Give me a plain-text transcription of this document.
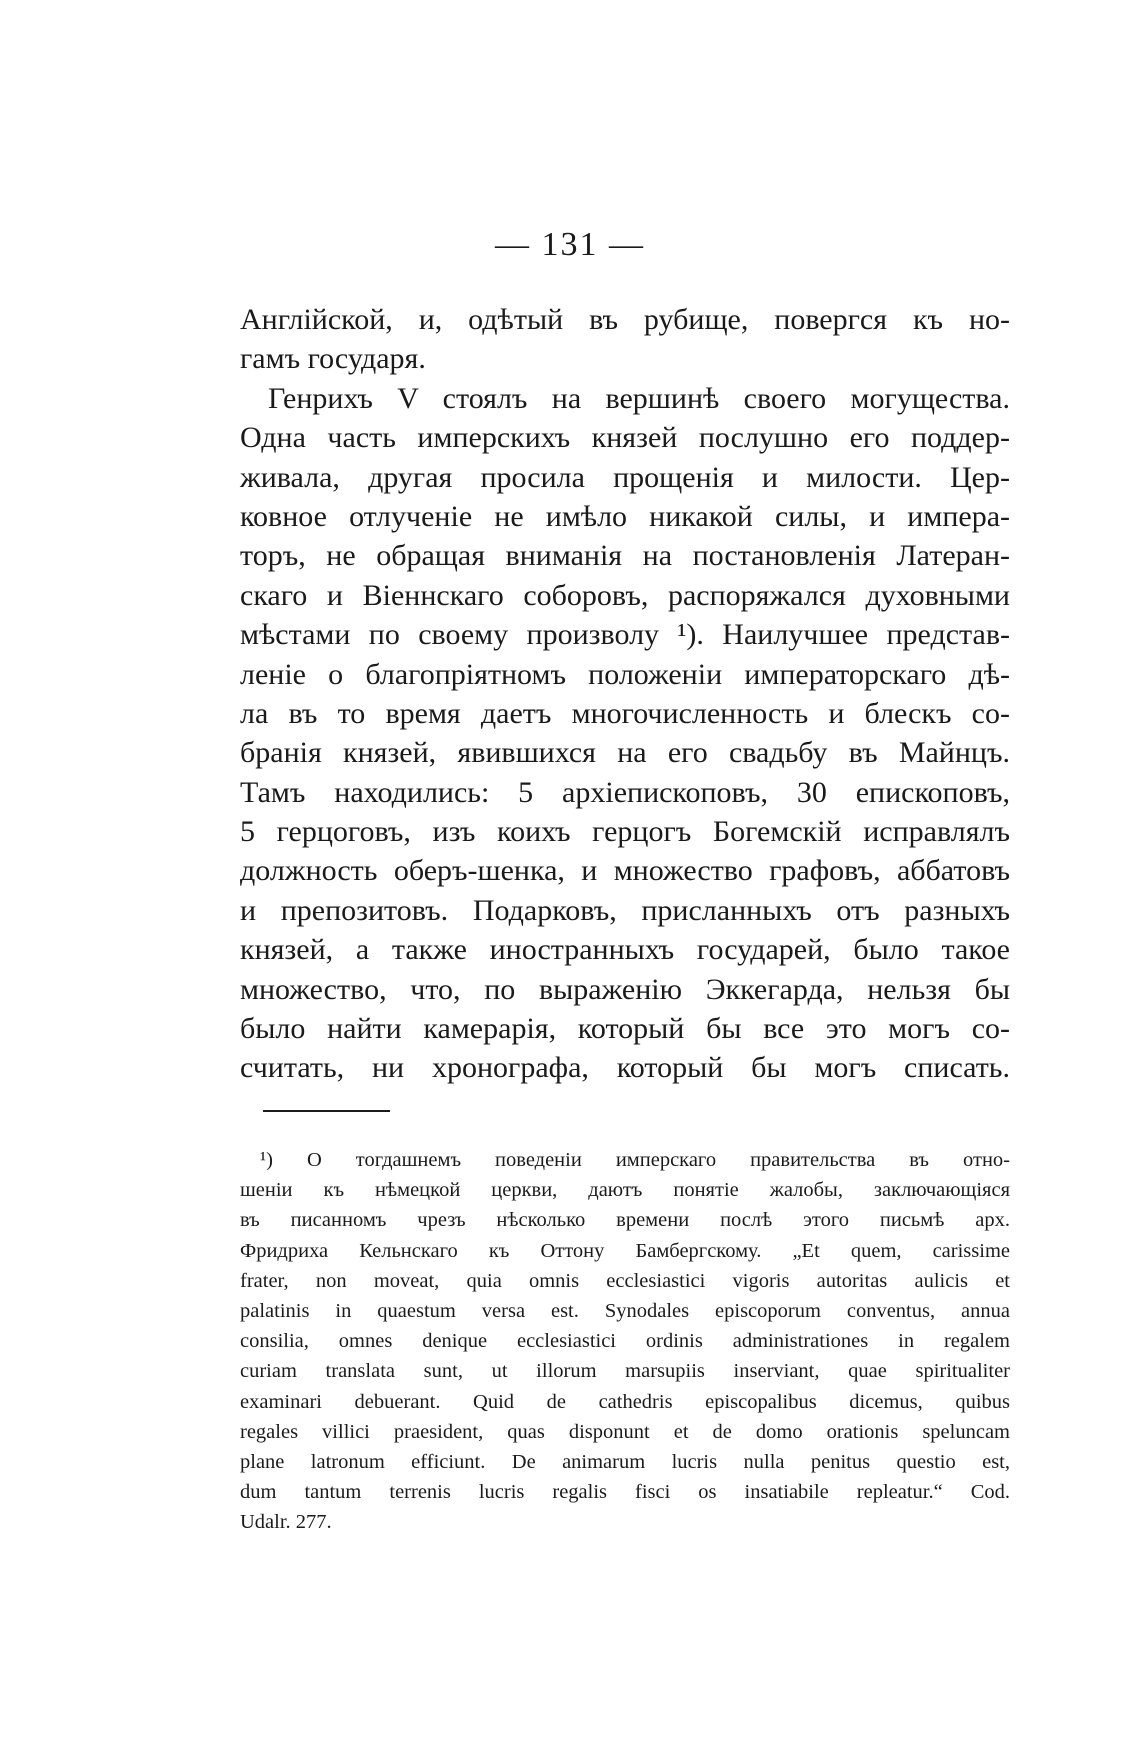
— 131 —
Англійской, и, одѣтый въ рубище, повергся къ но-
гамъ государя.
Генрихъ V стоялъ на вершинѣ своего могущества.
Одна часть имперскихъ князей послушно его поддер-
живала, другая просила прощенія и милости. Цер-
ковное отлученіе не имѣло никакой силы, и импера-
торъ, не обращая вниманія на постановленія Латеран-
скаго и Віеннскаго соборовъ, распоряжался духовными
мѣстами по своему произволу ¹). Наилучшее представ-
леніе о благопріятномъ положеніи императорскаго дѣ-
ла въ то время даетъ многочисленность и блескъ со-
бранія князей, явившихся на его свадьбу въ Майнцъ.
Тамъ находились: 5 архіепископовъ, 30 епископовъ,
5 герцоговъ, изъ коихъ герцогъ Богемскій исправлялъ
должность оберъ-шенка, и множество графовъ, аббатовъ
и препозитовъ. Подарковъ, присланныхъ отъ разныхъ
князей, а также иностранныхъ государей, было такое
множество, что, по выраженію Эккегарда, нельзя бы
было найти камерарія, который бы все это могъ со-
считать, ни хронографа, который бы могъ списать.
¹) О тогдашнемъ поведеніи имперскаго правительства въ отно-
шеніи къ нѣмецкой церкви, даютъ понятіе жалобы, заключающіяся
въ писанномъ чрезъ нѣсколько времени послѣ этого письмѣ арх.
Фридриха Кельнскаго къ Оттону Бамбергскому. „Et quem, carissime
frater, non moveat, quia omnis ecclesiastici vigoris autoritas aulicis et
palatinis in quaestum versa est. Synodales episcoporum conventus, annua
consilia, omnes denique ecclesiastici ordinis administrationes in regalem
curiam translata sunt, ut illorum marsupiis inserviant, quae spiritualiter
examinari debuerant. Quid de cathedris episcopalibus dicemus, quibus
regales villici praesident, quas disponunt et de domo orationis speluncam
plane latronum efficiunt. De animarum lucris nulla penitus questio est,
dum tantum terrenis lucris regalis fisci os insatiabile repleatur.“ Cod.
Udalr. 277.
